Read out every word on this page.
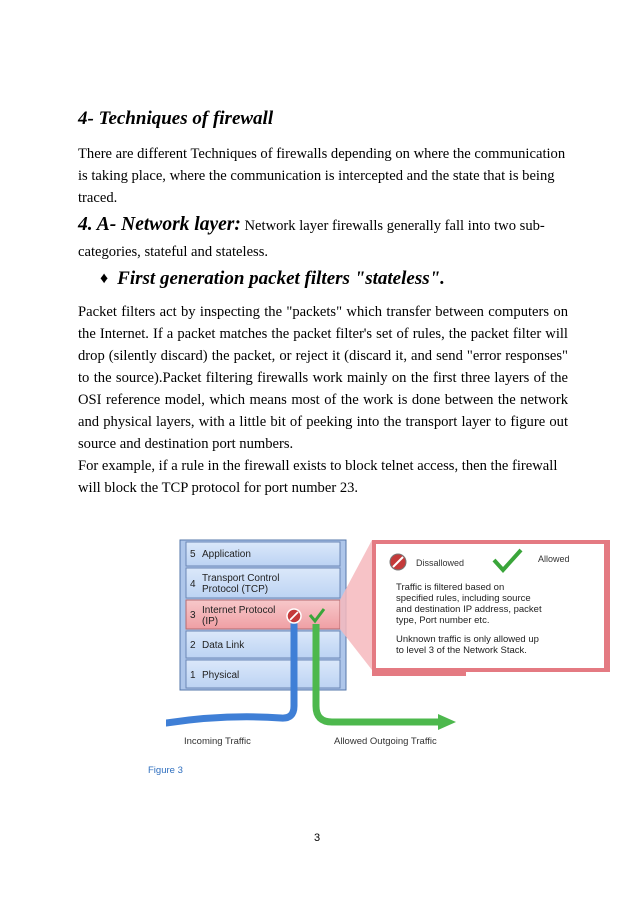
4- Techniques of firewall
There are different Techniques of firewalls depending on where the communication is taking place, where the communication is intercepted and the state that is being traced.
4. A- Network layer: Network layer firewalls generally fall into two sub-categories, stateful and stateless.
♦ First generation packet filters "stateless".
Packet filters act by inspecting the "packets" which transfer between computers on the Internet. If a packet matches the packet filter's set of rules, the packet filter will drop (silently discard) the packet, or reject it (discard it, and send "error responses" to the source).Packet filtering firewalls work mainly on the first three layers of the OSI reference model, which means most of the work is done between the network and physical layers, with a little bit of peeking into the transport layer to figure out source and destination port numbers.
For example, if a rule in the firewall exists to block telnet access, then the firewall will block the TCP protocol for port number 23.
5 Application
4
Transport Control
Protocol (TCP)
3 Internet Protocol
(IP)
2 Data Link
1 Physical
Incoming Traffic	Allowed Outgoing Traffic
Dissallowed	Allowed
Traffic is filtered based on
specified rules, including source
and destination IP address, packet
type, Port number etc.
Unknown traffic is only allowed up
to level 3 of the Network Stack.
Figure 3
3
